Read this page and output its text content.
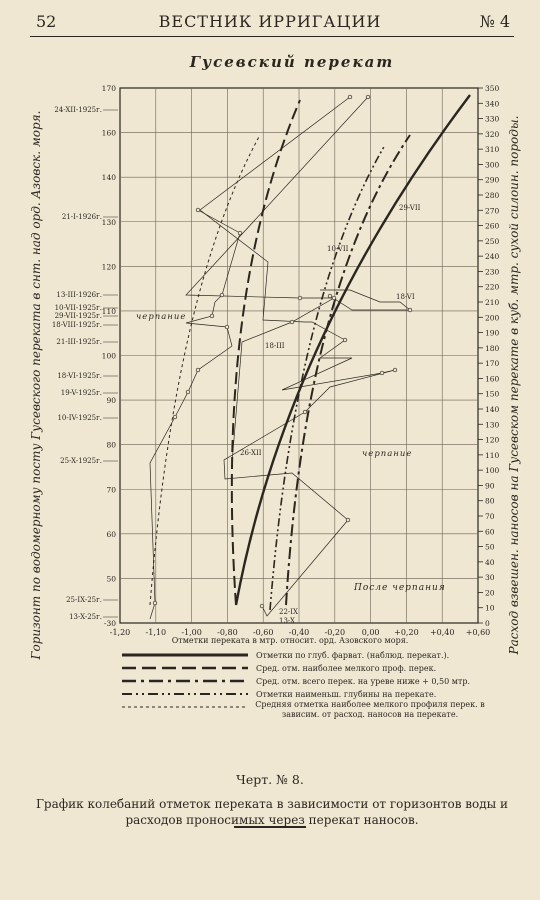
52	ВЕСТНИК ИРРИГАЦИИ	№ 4
-1,20 -1,10 -1,00 -0,80 -0,60 -0,40 -0,20 0,00 +0,20 +0,40 +0,60
170
160
140
130
120
110
100
90
80
70
60
50
-30
350
340
330
320
310
300
290
280
270
260
250
240
230
220
210
200
190
180
170
160
150
140
130
120
110
100
90
80
70
60
50
40
30
20
10
0
24-XII-1925г.
21-I-1926г.
13-III-1926г.
10-VII-1925г.
29-VII-1925г.
18-VIII-1925г.
21-III-1925г.
18-VI-1925г.
19-V-1925г.
10-IV-1925г.
25-X-1925г.
25-IX-25г.
13-X-25г.
Гусевский перекат
Горизонт по водомерному посту Гусевского переката в снт. над орд. Азовск. моря.	Расход взвешен. наносов на Гусевском перекате в куб. мтр. сухой силоин. породы.
черпание
черпание
После черпания
29-VII
10-VII
18-VI
18-III
26-XII
22-IX
13-X
Отметки переката в мтр. относит. орд. Азовского моря.
Отметки по глуб. фарват. (наблюд. перекат.).
Сред. отм. наиболее мелкого проф. перек.
Сред. отм. всего перек. на уреве ниже + 0,50 мтр.
Отметки наименьш. глубины на перекате.
Средняя отметка наиболее мелкого профиля перек. в зависим. от расход. наносов на перекате.
Черт. № 8.
График колебаний отметок переката в зависимости от горизонтов воды и расходов проносимых через перекат наносов.
